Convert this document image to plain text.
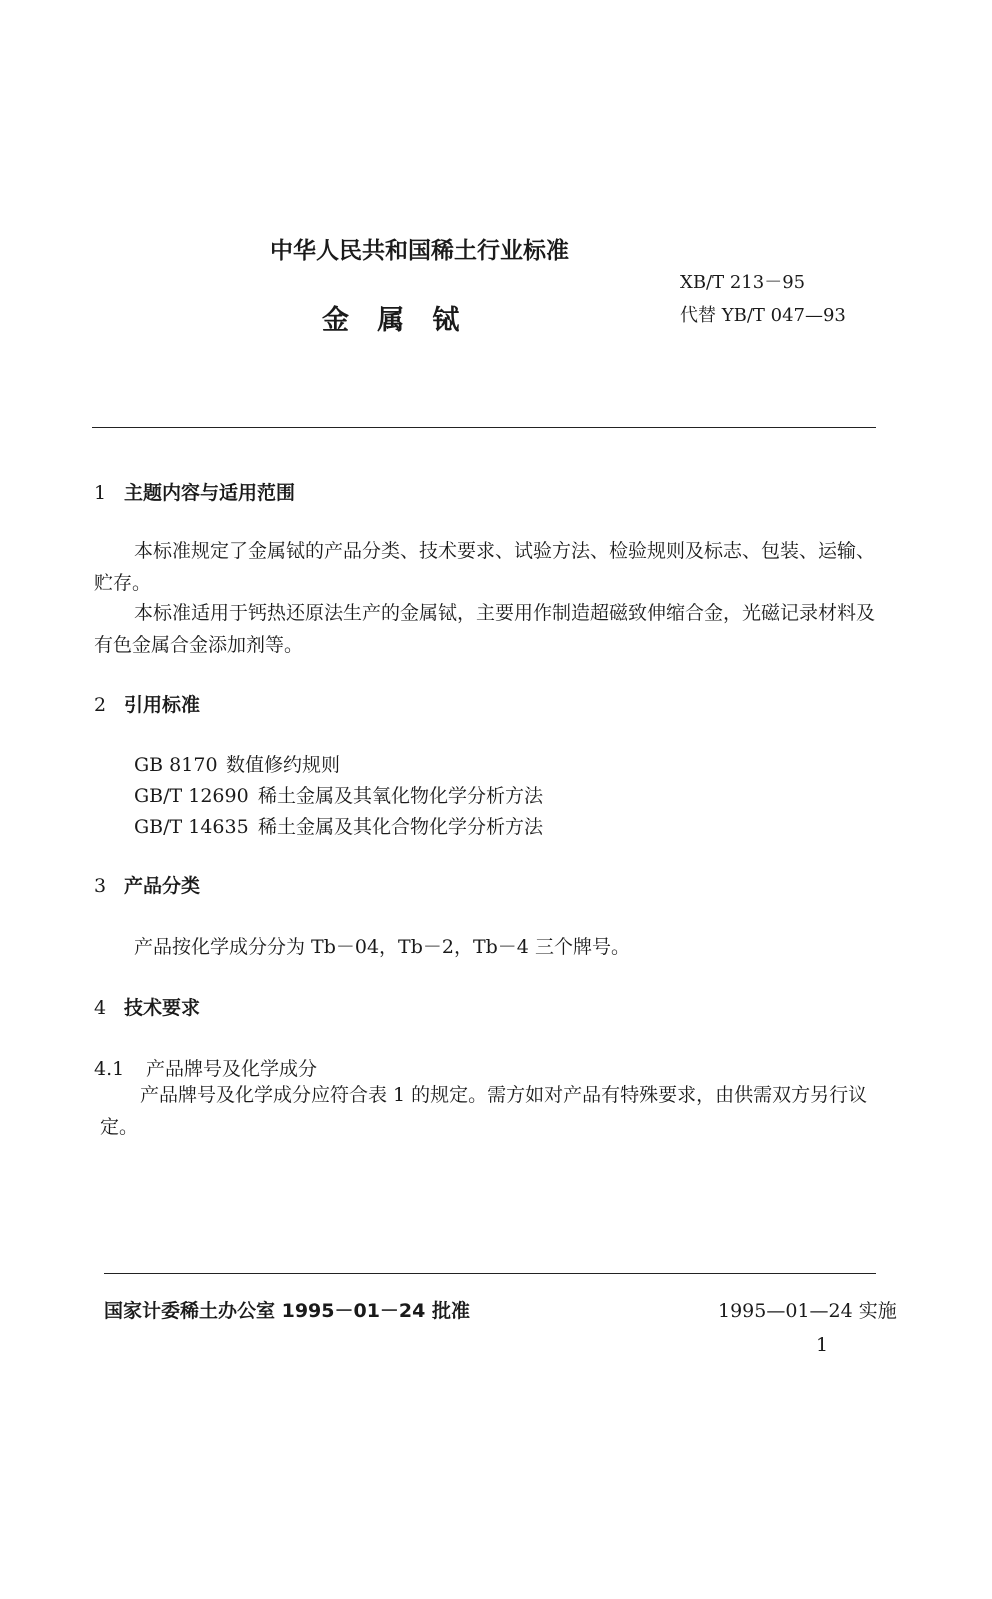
中华人民共和国稀土行业标准
XB/T 213－95
金   属   铽	代替 YB/T 047—93
1 主题内容与适用范围
本标准规定了金属铽的产品分类、技术要求、试验方法、检验规则及标志、包装、运输、贮存。
本标准适用于钙热还原法生产的金属铽，主要用作制造超磁致伸缩合金，光磁记录材料及有色金属合金添加剂等。
2 引用标准
GB 8170 数值修约规则
GB/T 12690 稀土金属及其氧化物化学分析方法
GB/T 14635 稀土金属及其化合物化学分析方法
3 产品分类
产品按化学成分分为 Tb－04，Tb－2，Tb－4 三个牌号。
4 技术要求
4.1 产品牌号及化学成分
产品牌号及化学成分应符合表 1 的规定。需方如对产品有特殊要求，由供需双方另行议定。
国家计委稀土办公室 1995－01－24 批准	1995—01—24 实施
1
